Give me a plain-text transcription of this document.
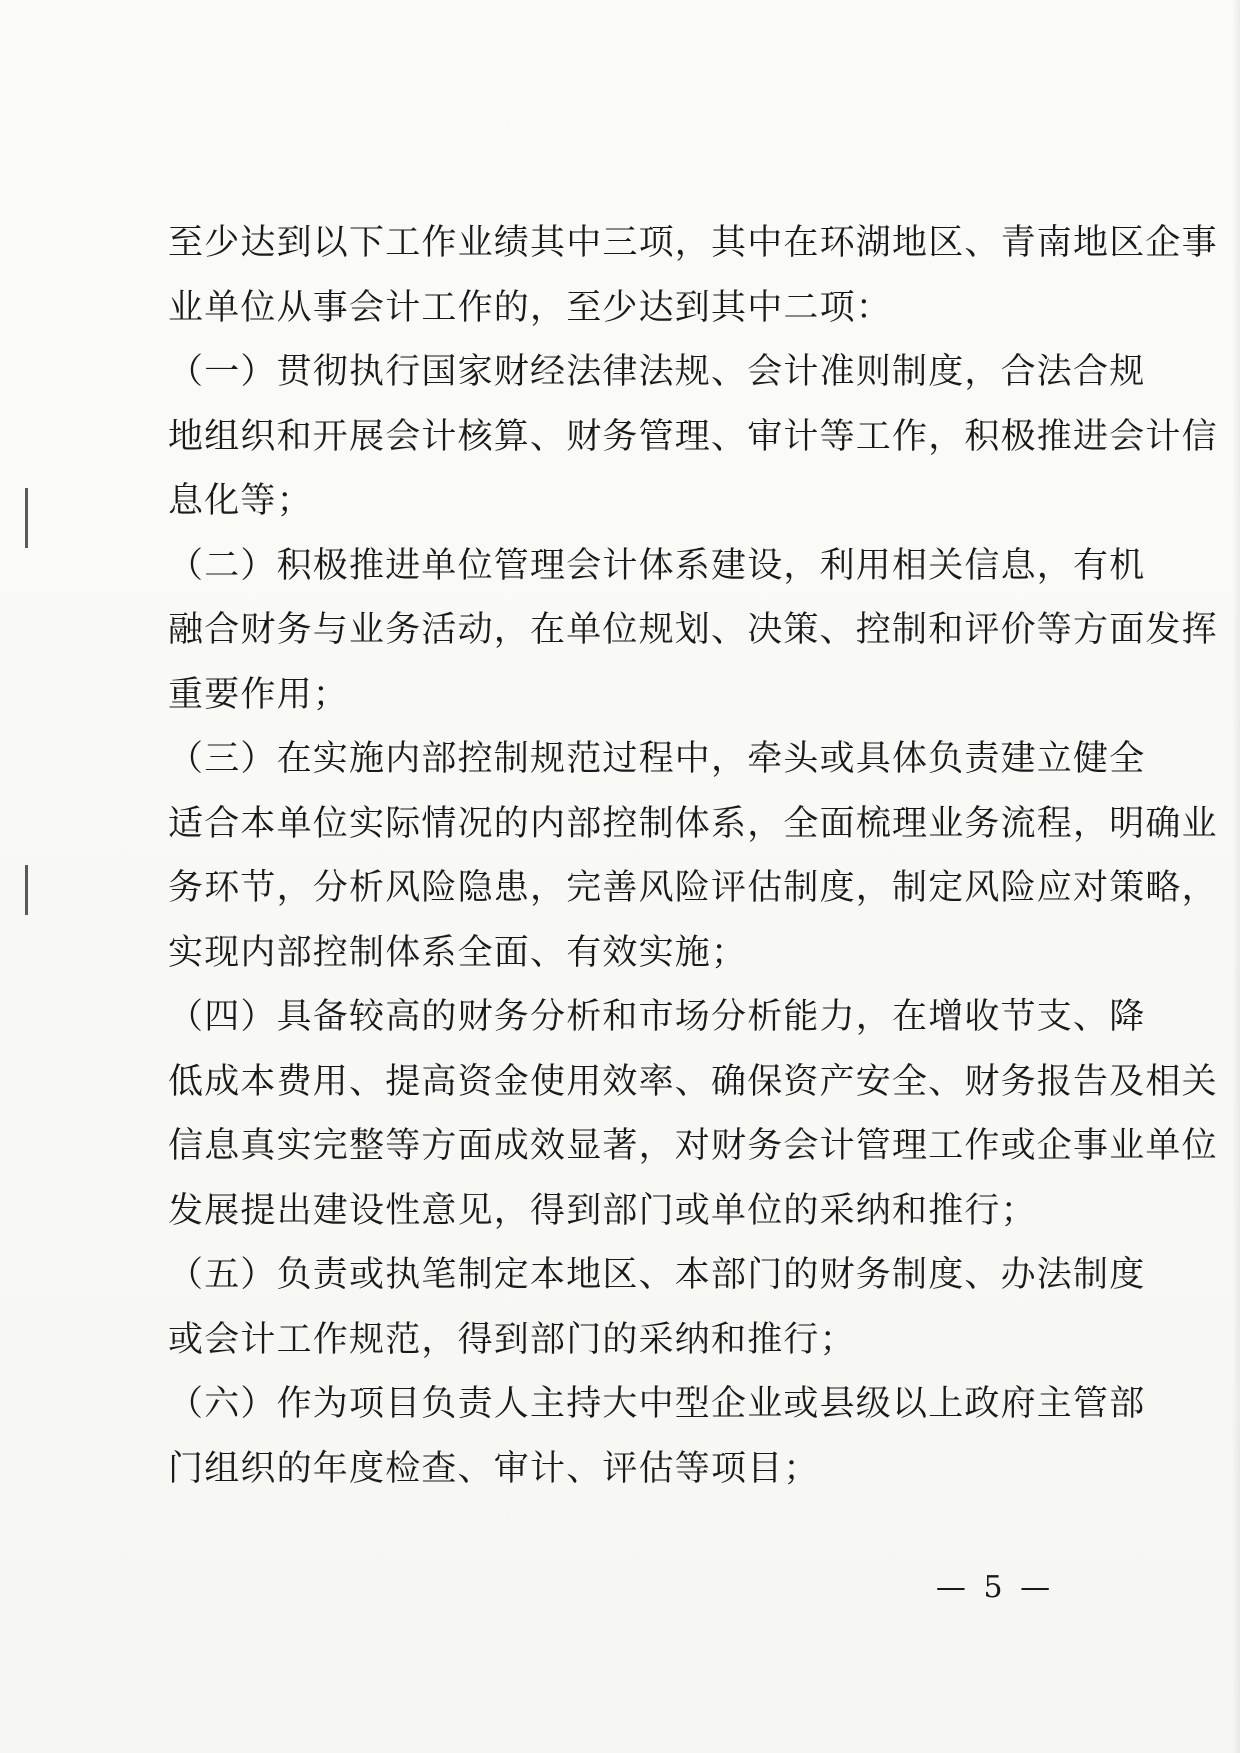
至少达到以下工作业绩其中三项，其中在环湖地区、青南地区企事
业单位从事会计工作的，至少达到其中二项：
（一）贯彻执行国家财经法律法规、会计准则制度，合法合规
地组织和开展会计核算、财务管理、审计等工作，积极推进会计信
息化等；
（二）积极推进单位管理会计体系建设，利用相关信息，有机
融合财务与业务活动，在单位规划、决策、控制和评价等方面发挥
重要作用；
（三）在实施内部控制规范过程中，牵头或具体负责建立健全
适合本单位实际情况的内部控制体系，全面梳理业务流程，明确业
务环节，分析风险隐患，完善风险评估制度，制定风险应对策略，
实现内部控制体系全面、有效实施；
（四）具备较高的财务分析和市场分析能力，在增收节支、降
低成本费用、提高资金使用效率、确保资产安全、财务报告及相关
信息真实完整等方面成效显著，对财务会计管理工作或企事业单位
发展提出建设性意见，得到部门或单位的采纳和推行；
（五）负责或执笔制定本地区、本部门的财务制度、办法制度
或会计工作规范，得到部门的采纳和推行；
（六）作为项目负责人主持大中型企业或县级以上政府主管部
门组织的年度检查、审计、评估等项目；
— 5 —
